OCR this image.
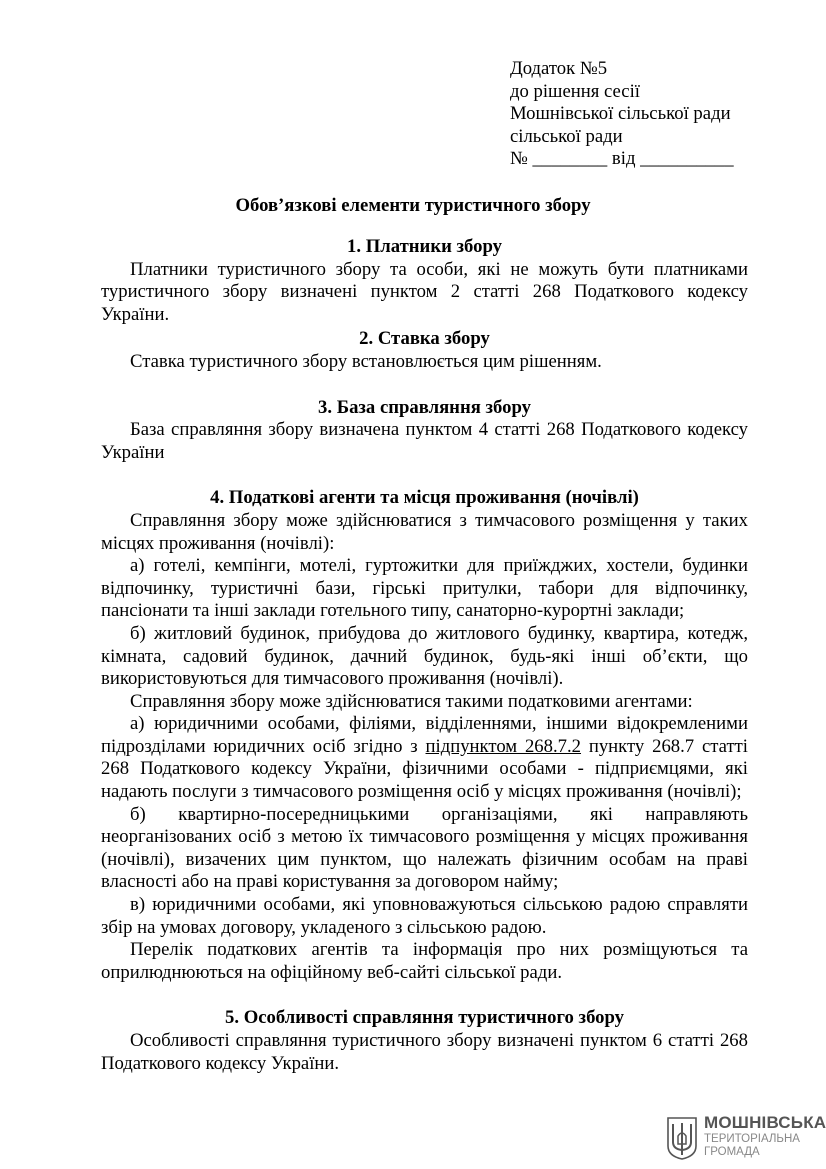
Додаток №5
до рішення сесії
Мошнівської сільської ради
сільської ради
№ ________ від __________
Обов’язкові елементи туристичного збору
1. Платники збору

Платники туристичного збору та особи, які не можуть бути платниками туристичного збору визначені пунктом 2 статті 268 Податкового кодексу України.

2. Ставка збору

Ставка туристичного збору встановлюється цим рішенням.

3. База справляння збору

База справляння збору визначена пунктом 4 статті 268 Податкового кодексу України

4. Податкові агенти та місця проживання (ночівлі)

Справляння збору може здійснюватися з тимчасового розміщення у таких місцях проживання (ночівлі):

а) готелі, кемпінги, мотелі, гуртожитки для приїжджих, хостели, будинки відпочинку, туристичні бази, гірські притулки, табори для відпочинку, пансіонати та інші заклади готельного типу, санаторно-курортні заклади;

б) житловий будинок, прибудова до житлового будинку, квартира, котедж, кімната, садовий будинок, дачний будинок, будь-які інші об’єкти, що використовуються для тимчасового проживання (ночівлі).

Справляння збору може здійснюватися такими податковими агентами:

а) юридичними особами, філіями, відділеннями, іншими відокремленими підрозділами юридичних осіб згідно з підпунктом 268.7.2 пункту 268.7 статті 268 Податкового кодексу України, фізичними особами - підприємцями, які надають послуги з тимчасового розміщення осіб у місцях проживання (ночівлі);

б) квартирно-посередницькими організаціями, які направляють неорганізованих осіб з метою їх тимчасового розміщення у місцях проживання (ночівлі), визачених цим пунктом, що належать фізичним особам на праві власності або на праві користування за договором найму;

в) юридичними особами, які уповноважуються сільською радою справляти збір на умовах договору, укладеного з сільською радою.

Перелік податкових агентів та інформація про них розміщуються та оприлюднюються на офіційному веб-сайті сільської ради.

5. Особливості справляння туристичного збору

Особливості справляння туристичного збору визначені пунктом 6 статті 268 Податкового кодексу України.

МОШНІВСЬКА
ТЕРИТОРІАЛЬНА
ГРОМАДА
